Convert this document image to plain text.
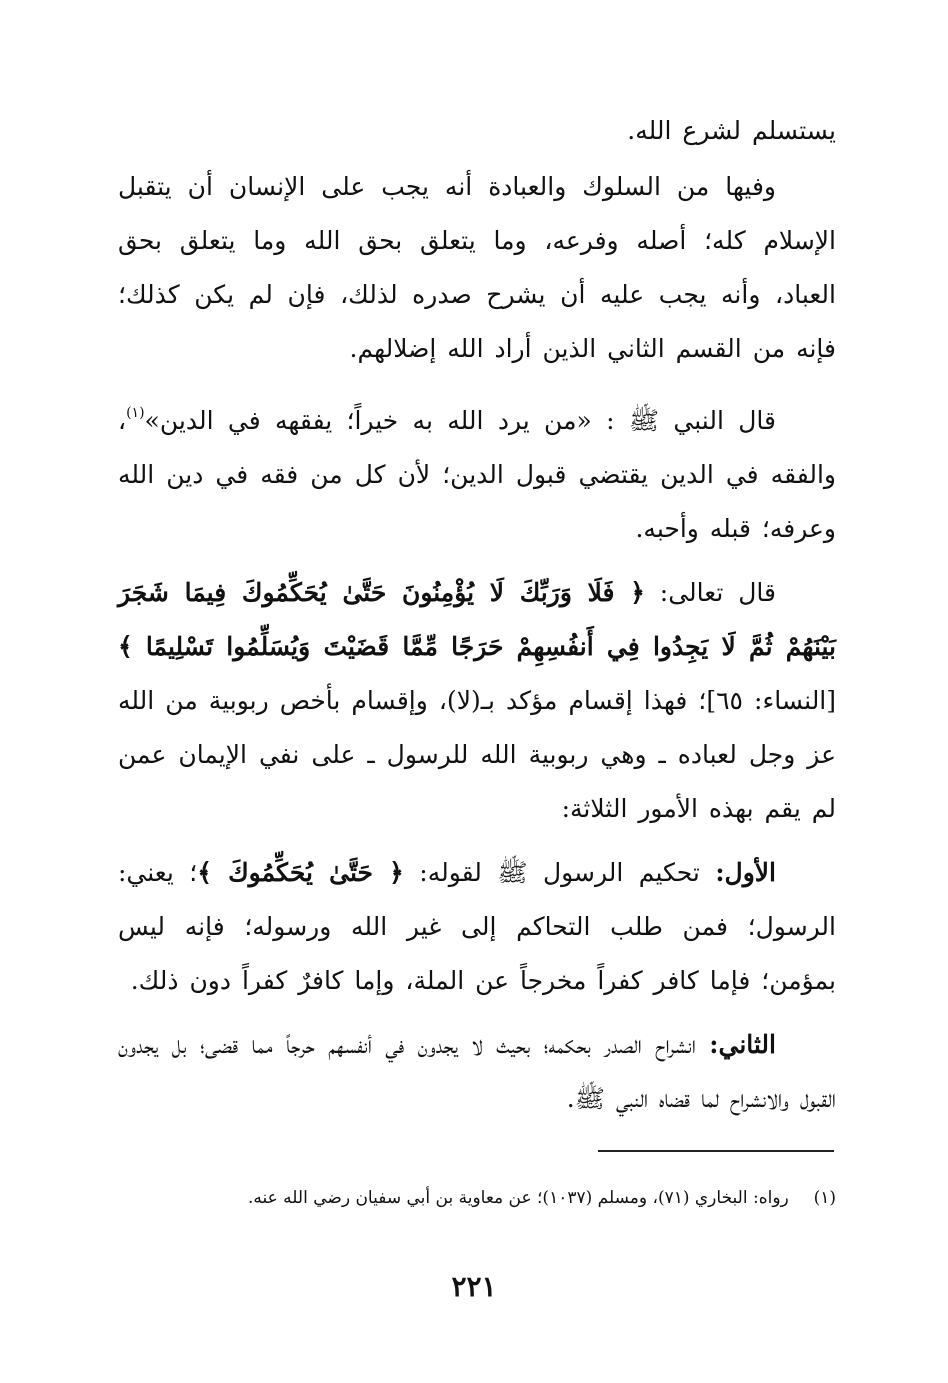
يستسلم لشرع الله.

وفيها من السلوك والعبادة أنه يجب على الإنسان أن يتقبل الإسلام كله؛ أصله وفرعه، وما يتعلق بحق الله وما يتعلق بحق العباد، وأنه يجب عليه أن يشرح صدره لذلك، فإن لم يكن كذلك؛ فإنه من القسم الثاني الذين أراد الله إضلالهم.

قال النبي ﷺ : «من يرد الله به خيراً؛ يفقهه في الدين»$^{(١)}$، والفقه في الدين يقتضي قبول الدين؛ لأن كل من فقه في دين الله وعرفه؛ قبله وأحبه.

قال تعالى: ﴿ فَلَا وَرَبِّكَ لَا يُؤْمِنُونَ حَتَّىٰ يُحَكِّمُوكَ فِيمَا شَجَرَ بَيْنَهُمْ ثُمَّ لَا يَجِدُوا فِي أَنفُسِهِمْ حَرَجًا مِّمَّا قَضَيْتَ وَيُسَلِّمُوا تَسْلِيمًا ﴾ [النساء: ٦٥]؛ فهذا إقسام مؤكد بـ(لا)، وإقسام بأخص ربوبية من الله عز وجل لعباده ـ وهي ربوبية الله للرسول ـ على نفي الإيمان عمن لم يقم بهذه الأمور الثلاثة:

الأول: تحكيم الرسول ﷺ لقوله: ﴿ حَتَّىٰ يُحَكِّمُوكَ ﴾؛ يعني: الرسول؛ فمن طلب التحاكم إلى غير الله ورسوله؛ فإنه ليس بمؤمن؛ فإما كافر كفراً مخرجاً عن الملة، وإما كافرٌ كفراً دون ذلك.

الثاني: انشراح الصدر بحكمه؛ بحيث لا يجدون في أنفسهم حرجاً مما قضى؛ بل يجدون القبول والانشراح لما قضاه النبي ﷺ.

(١)  رواه: البخاري (٧١)، ومسلم (١٠٣٧)؛ عن معاوية بن أبي سفيان رضي الله عنه.
٢٢١
